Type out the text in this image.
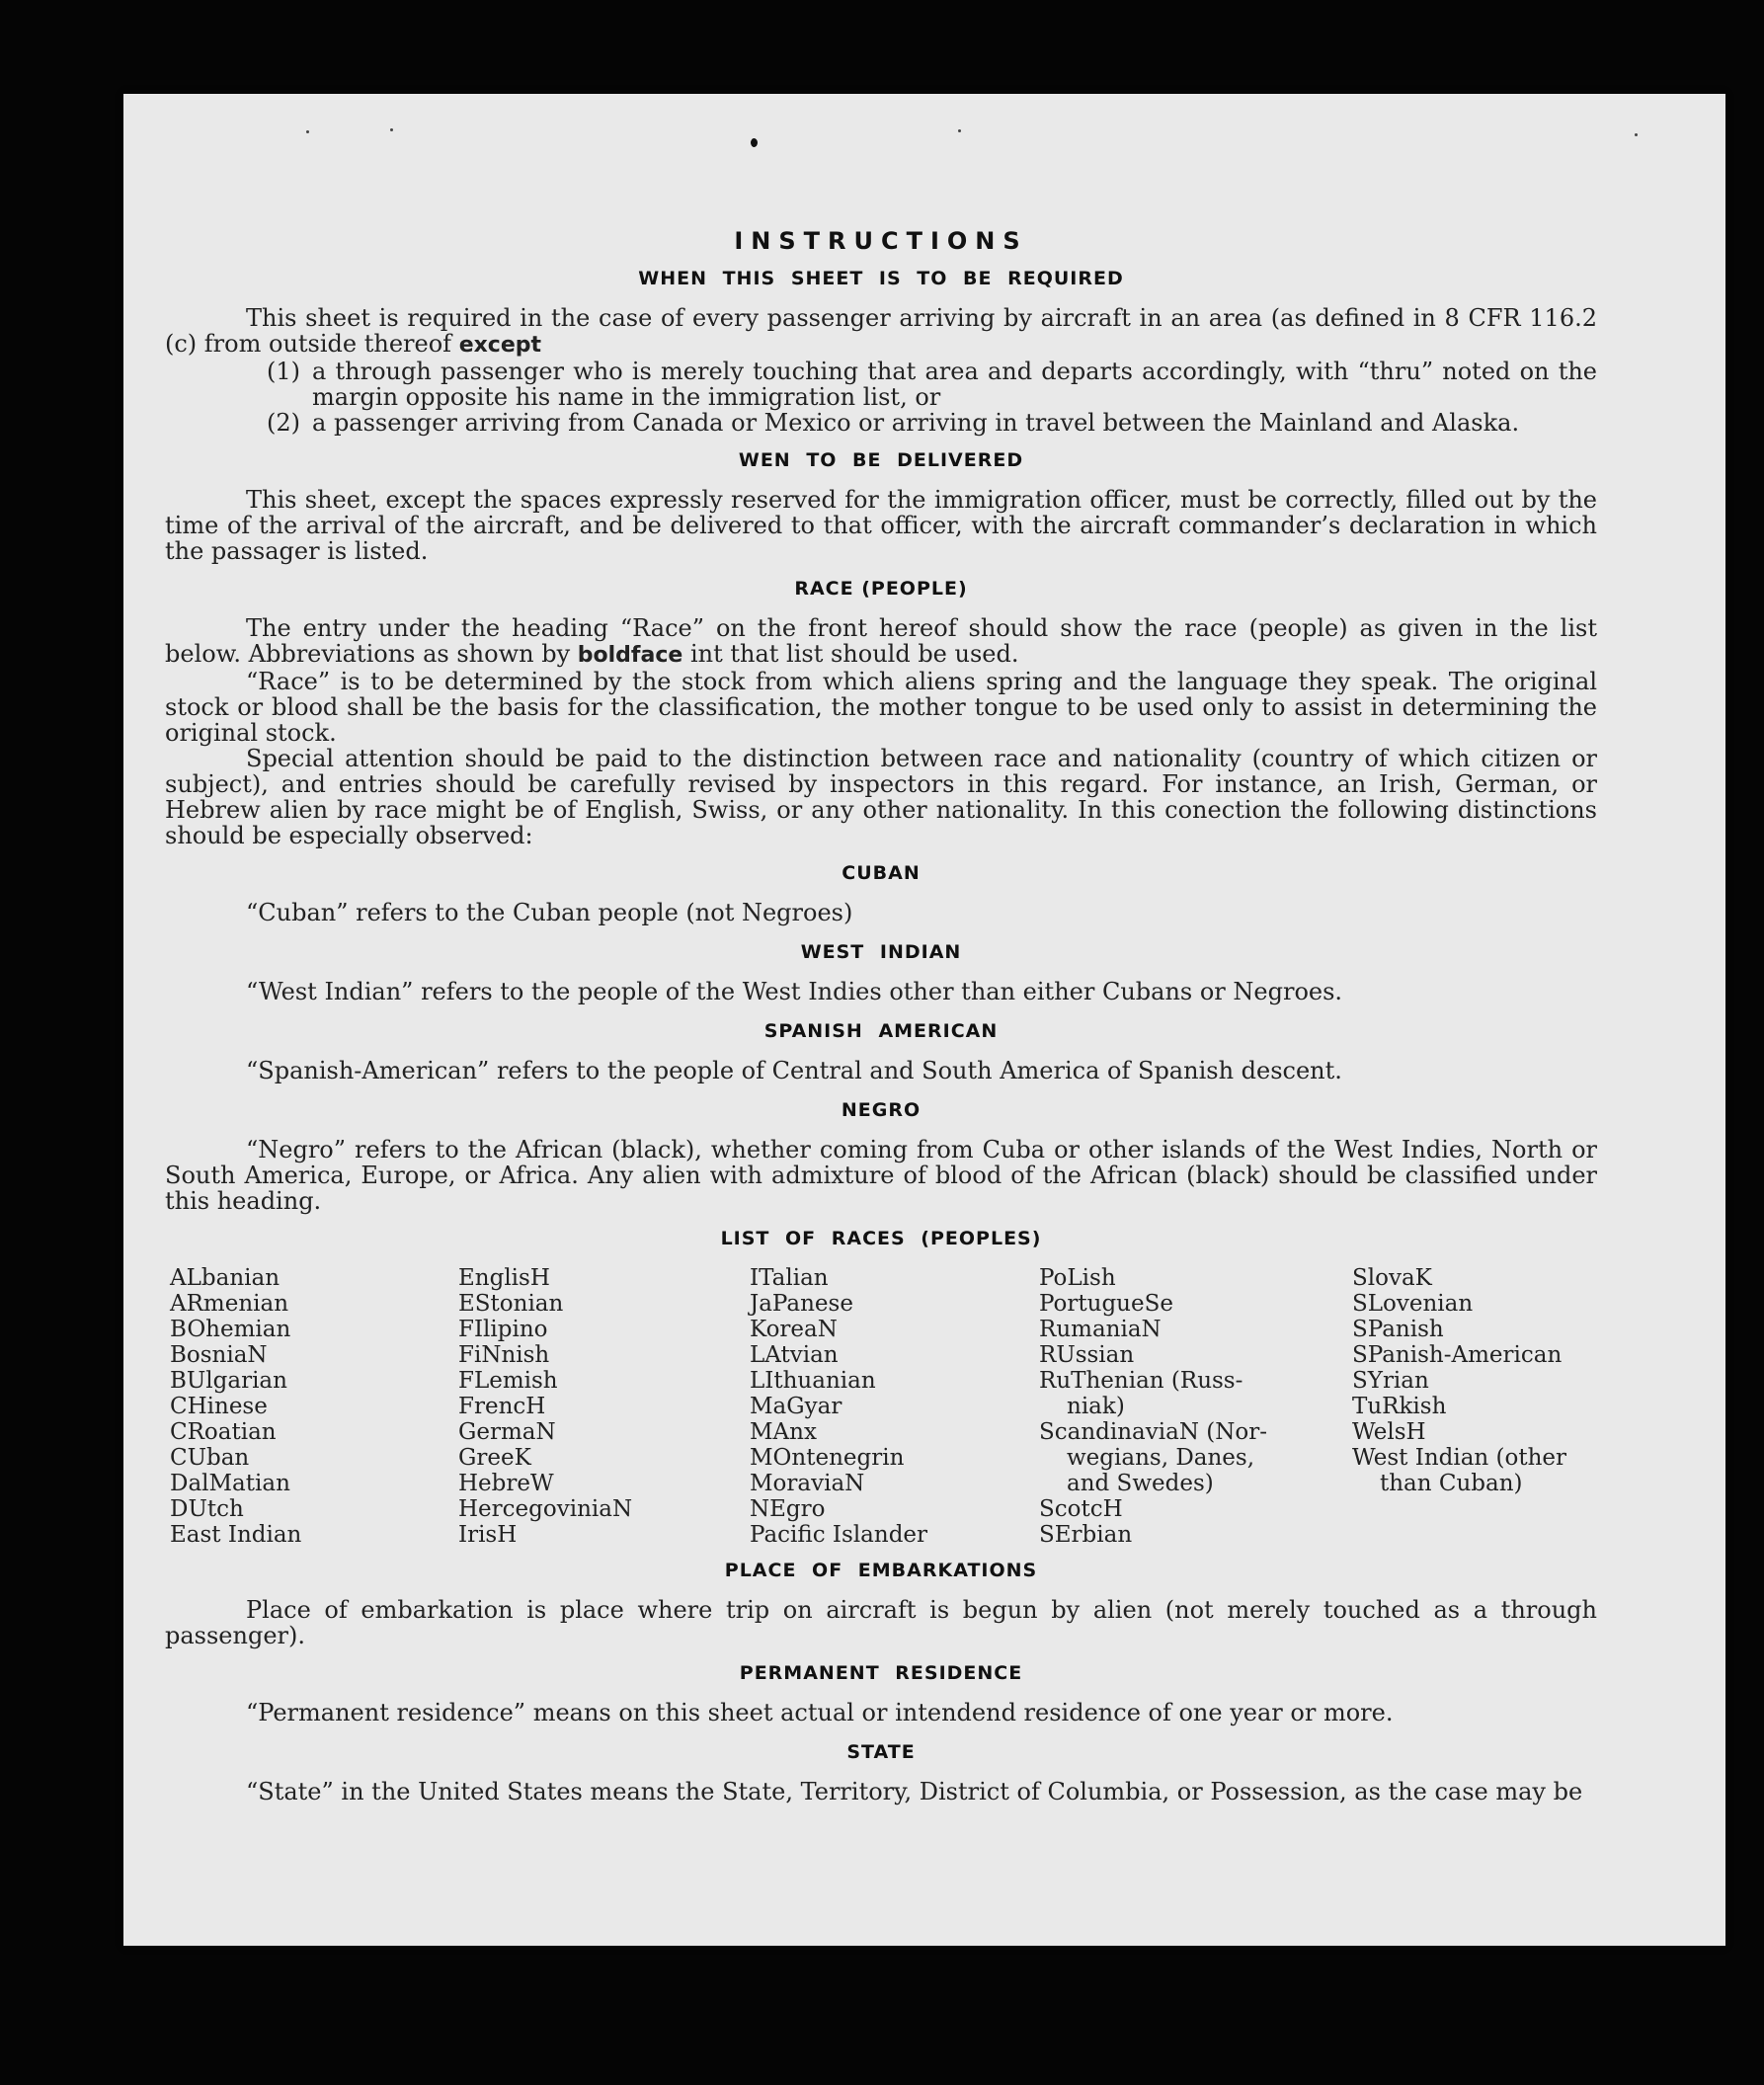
INSTRUCTIONS
WHEN THIS SHEET IS TO BE REQUIRED

This sheet is required in the case of every passenger arriving by aircraft in an area (as defined in 8 CFR 116.2 (c) from outside thereof except

(1) a through passenger who is merely touching that area and departs accordingly, with “thru” noted on the margin opposite his name in the immigration list, or
(2) a passenger arriving from Canada or Mexico or arriving in travel between the Mainland and Alaska.
WEN TO BE DELIVERED

This sheet, except the spaces expressly reserved for the immigration officer, must be correctly, filled out by the time of the arrival of the aircraft, and be delivered to that officer, with the aircraft commander’s declaration in which the passager is listed.

RACE (PEOPLE)

The entry under the heading “Race” on the front hereof should show the race (people) as given in the list below. Abbreviations as shown by boldface int that list should be used.

“Race” is to be determined by the stock from which aliens spring and the language they speak. The original stock or blood shall be the basis for the classification, the mother tongue to be used only to assist in determining the original stock.

Special attention should be paid to the distinction between race and nationality (country of which citizen or subject), and entries should be carefully revised by inspectors in this regard. For instance, an Irish, German, or Hebrew alien by race might be of English, Swiss, or any other nationality. In this conection the following distinctions should be especially observed:

CUBAN

“Cuban” refers to the Cuban people (not Negroes)

WEST INDIAN

“West Indian” refers to the people of the West Indies other than either Cubans or Negroes.

SPANISH AMERICAN

“Spanish-American” refers to the people of Central and South America of Spanish descent.

NEGRO

“Negro” refers to the African (black), whether coming from Cuba or other islands of the West Indies, North or South America, Europe, or Africa. Any alien with admixture of blood of the African (black) should be classified under this heading.

LIST OF RACES (PEOPLES)
ALbanian
ARmenian
BOhemian
BosniaN
BUlgarian
CHinese
CRoatian
CUban
DalMatian
DUtch
East Indian
EnglisH
EStonian
FIlipino
FiNnish
FLemish
FrencH
GermaN
GreeK
HebreW
HercegoviniaN
IrisH
ITalian
JaPanese
KoreaN
LAtvian
LIthuanian
MaGyar
MAnx
MOntenegrin
MoraviaN
NEgro
Pacific Islander
PoLish
PortugueSe
RumaniaN
RUssian
RuThenian (Russ-
niak)
ScandinaviaN (Nor-
wegians, Danes,
and Swedes)
ScotcH
SErbian
SlovaK
SLovenian
SPanish
SPanish-American
SYrian
TuRkish
WelsH
West Indian (other
than Cuban)
PLACE OF EMBARKATIONS

Place of embarkation is place where trip on aircraft is begun by alien (not merely touched as a through passenger).

PERMANENT RESIDENCE

“Permanent residence” means on this sheet actual or intendend residence of one year or more.

STATE

“State” in the United States means the State, Territory, District of Columbia, or Possession, as the case may be
